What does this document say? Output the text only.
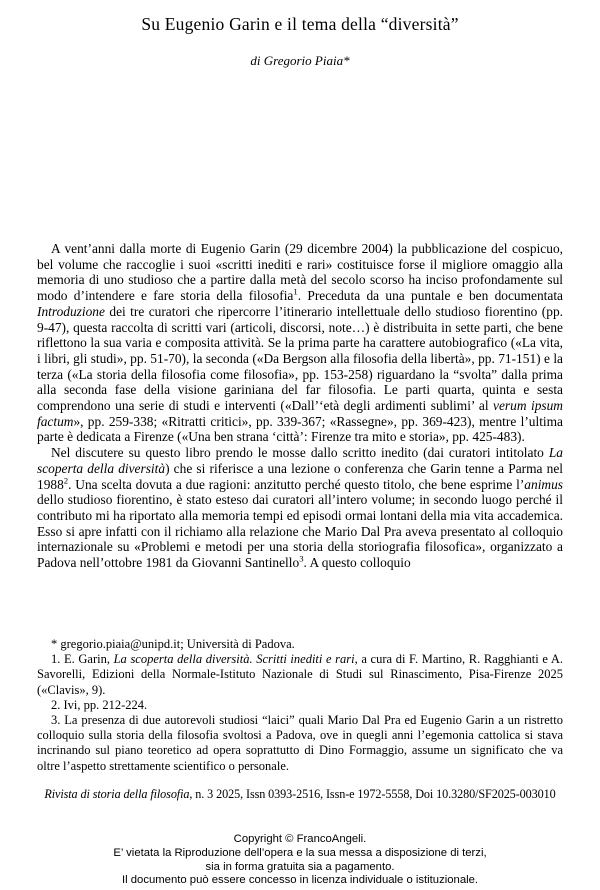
Su Eugenio Garin e il tema della “diversità”
di Gregorio Piaia*

A vent’anni dalla morte di Eugenio Garin (29 dicembre 2004) la pubblicazione del cospicuo, bel volume che raccoglie i suoi «scritti inediti e rari» costituisce forse il migliore omaggio alla memoria di uno studioso che a partire dalla metà del secolo scorso ha inciso profondamente sul modo d’intendere e fare storia della filosofia$^1$. Preceduta da una puntale e ben documentata Introduzione dei tre curatori che ripercorre l’itinerario intellettuale dello studioso fiorentino (pp. 9-47), questa raccolta di scritti vari (articoli, discorsi, note…) è distribuita in sette parti, che bene riflettono la sua varia e composita attività. Se la prima parte ha carattere autobiografico («La vita, i libri, gli studi», pp. 51-70), la seconda («Da Bergson alla filosofia della libertà», pp. 71-151) e la terza («La storia della filosofia come filosofia», pp. 153-258) riguardano la “svolta” dalla prima alla seconda fase della visione gariniana del far filosofia. Le parti quarta, quinta e sesta comprendono una serie di studi e interventi («Dall’‘età degli ardimenti sublimi’ al verum ipsum factum», pp. 259-338; «Ritratti critici», pp. 339-367; «Rassegne», pp. 369-423), mentre l’ultima parte è dedicata a Firenze («Una ben strana ‘città’: Firenze tra mito e storia», pp. 425-483).

Nel discutere su questo libro prendo le mosse dallo scritto inedito (dai curatori intitolato La scoperta della diversità) che si riferisce a una lezione o conferenza che Garin tenne a Parma nel 1988$^2$. Una scelta dovuta a due ragioni: anzitutto perché questo titolo, che bene esprime l’animus dello studioso fiorentino, è stato esteso dai curatori all’intero volume; in secondo luogo perché il contributo mi ha riportato alla memoria tempi ed episodi ormai lontani della mia vita accademica. Esso si apre infatti con il richiamo alla relazione che Mario Dal Pra aveva presentato al colloquio internazionale su «Problemi e metodi per una storia della storiografia filosofica», organizzato a Padova nell’ottobre 1981 da Giovanni Santinello$^3$. A questo colloquio

* gregorio.piaia@unipd.it; Università di Padova.

1. E. Garin, La scoperta della diversità. Scritti inediti e rari, a cura di F. Martino, R. Ragghianti e A. Savorelli, Edizioni della Normale-Istituto Nazionale di Studi sul Rinascimento, Pisa-Firenze 2025 («Clavis», 9).

2. Ivi, pp. 212-224.

3. La presenza di due autorevoli studiosi “laici” quali Mario Dal Pra ed Eugenio Garin a un ristretto colloquio sulla storia della filosofia svoltosi a Padova, ove in quegli anni l’egemonia cattolica si stava incrinando sul piano teoretico ad opera soprattutto di Dino Formaggio, assume un significato che va oltre l’aspetto strettamente scientifico o personale.

Rivista di storia della filosofia, n. 3 2025, Issn 0393-2516, Issn-e 1972-5558, Doi 10.3280/SF2025-003010
Copyright © FrancoAngeli.
E’ vietata la Riproduzione dell’opera e la sua messa a disposizione di terzi,
sia in forma gratuita sia a pagamento.
Il documento può essere concesso in licenza individuale o istituzionale.
